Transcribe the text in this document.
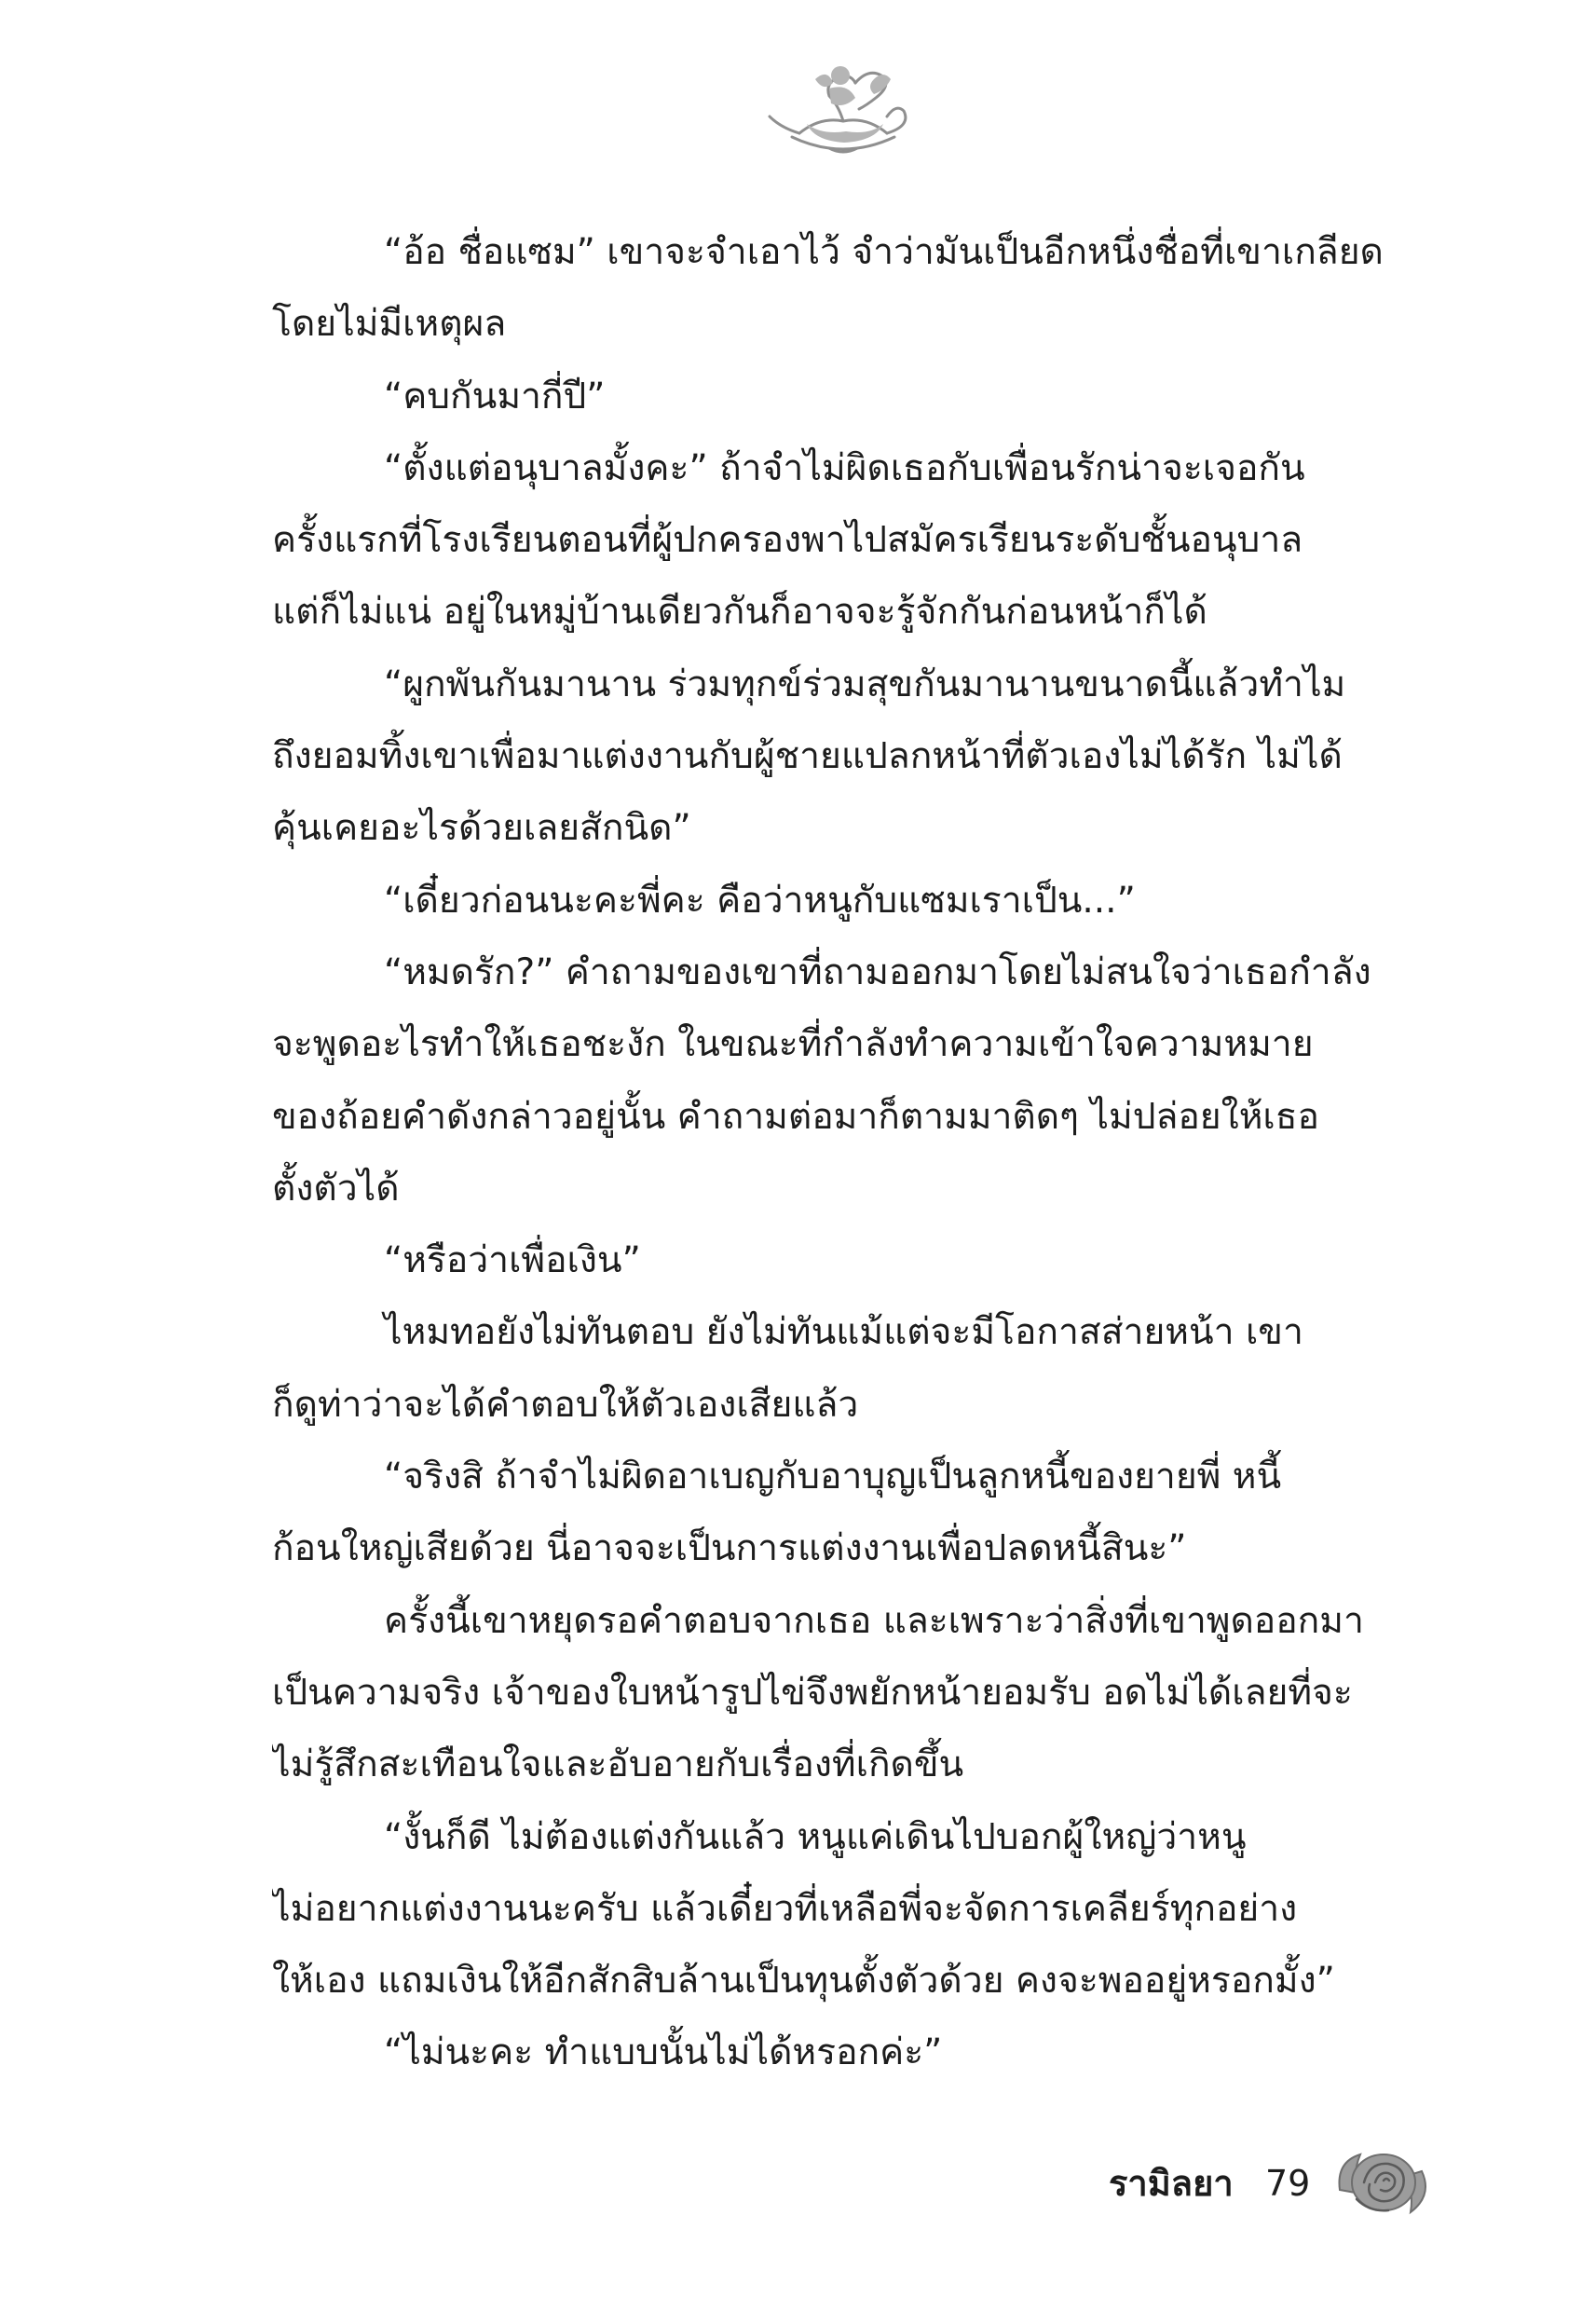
“อ้อ ชื่อแซม” เขาจะจำเอาไว้ จำว่ามันเป็นอีกหนึ่งชื่อที่เขาเกลียด
โดยไม่มีเหตุผล
“คบกันมากี่ปี”
“ตั้งแต่อนุบาลมั้งคะ” ถ้าจำไม่ผิดเธอกับเพื่อนรักน่าจะเจอกัน
ครั้งแรกที่โรงเรียนตอนที่ผู้ปกครองพาไปสมัครเรียนระดับชั้นอนุบาล
แต่ก็ไม่แน่ อยู่ในหมู่บ้านเดียวกันก็อาจจะรู้จักกันก่อนหน้าก็ได้
“ผูกพันกันมานาน ร่วมทุกข์ร่วมสุขกันมานานขนาดนี้แล้วทำไม
ถึงยอมทิ้งเขาเพื่อมาแต่งงานกับผู้ชายแปลกหน้าที่ตัวเองไม่ได้รัก ไม่ได้
คุ้นเคยอะไรด้วยเลยสักนิด”
“เดี๋ยวก่อนนะคะพี่คะ คือว่าหนูกับแซมเราเป็น...”
“หมดรัก?” คำถามของเขาที่ถามออกมาโดยไม่สนใจว่าเธอกำลัง
จะพูดอะไรทำให้เธอชะงัก ในขณะที่กำลังทำความเข้าใจความหมาย
ของถ้อยคำดังกล่าวอยู่นั้น คำถามต่อมาก็ตามมาติดๆ ไม่ปล่อยให้เธอ
ตั้งตัวได้
“หรือว่าเพื่อเงิน”
ไหมทอยังไม่ทันตอบ ยังไม่ทันแม้แต่จะมีโอกาสส่ายหน้า เขา
ก็ดูท่าว่าจะได้คำตอบให้ตัวเองเสียแล้ว
“จริงสิ ถ้าจำไม่ผิดอาเบญกับอาบุญเป็นลูกหนี้ของยายพี่ หนี้
ก้อนใหญ่เสียด้วย นี่อาจจะเป็นการแต่งงานเพื่อปลดหนี้สินะ”
ครั้งนี้เขาหยุดรอคำตอบจากเธอ และเพราะว่าสิ่งที่เขาพูดออกมา
เป็นความจริง เจ้าของใบหน้ารูปไข่จึงพยักหน้ายอมรับ อดไม่ได้เลยที่จะ
ไม่รู้สึกสะเทือนใจและอับอายกับเรื่องที่เกิดขึ้น
“งั้นก็ดี ไม่ต้องแต่งกันแล้ว หนูแค่เดินไปบอกผู้ใหญ่ว่าหนู
ไม่อยากแต่งงานนะครับ แล้วเดี๋ยวที่เหลือพี่จะจัดการเคลียร์ทุกอย่าง
ให้เอง แถมเงินให้อีกสักสิบล้านเป็นทุนตั้งตัวด้วย คงจะพออยู่หรอกมั้ง”
“ไม่นะคะ ทำแบบนั้นไม่ได้หรอกค่ะ”
รามิลยา 79
